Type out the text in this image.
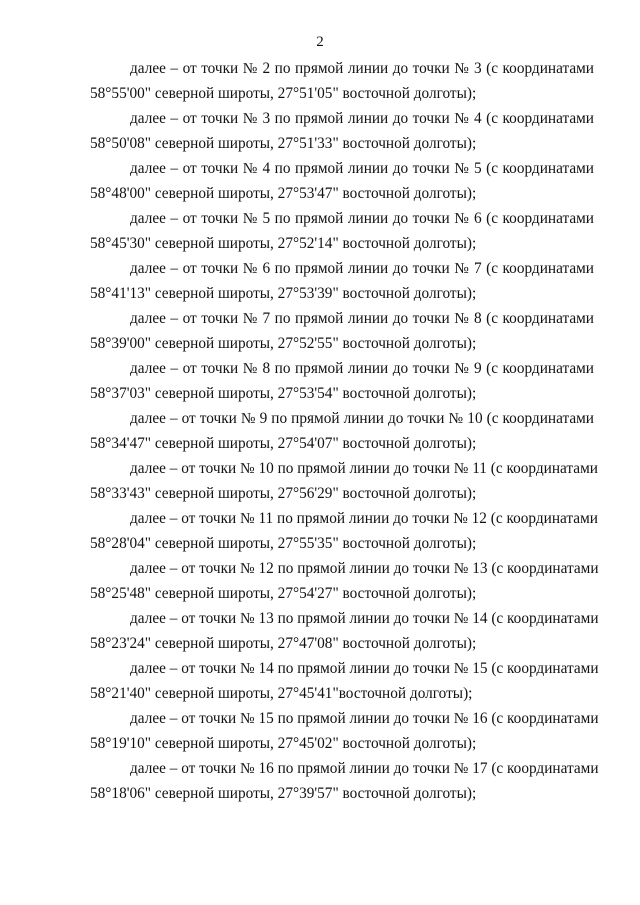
2

далее – от точки № 2 по прямой линии до точки № 3 (с координатами
58°55'00" северной широты, 27°51'05" восточной долготы);

далее – от точки № 3 по прямой линии до точки № 4 (с координатами
58°50'08" северной широты, 27°51'33" восточной долготы);

далее – от точки № 4 по прямой линии до точки № 5 (с координатами
58°48'00" северной широты, 27°53'47" восточной долготы);

далее – от точки № 5 по прямой линии до точки № 6 (с координатами
58°45'30" северной широты, 27°52'14" восточной долготы);

далее – от точки № 6 по прямой линии до точки № 7 (с координатами
58°41'13" северной широты, 27°53'39" восточной долготы);

далее – от точки № 7 по прямой линии до точки № 8 (с координатами
58°39'00" северной широты, 27°52'55" восточной долготы);

далее – от точки № 8 по прямой линии до точки № 9 (с координатами
58°37'03" северной широты, 27°53'54" восточной долготы);

далее – от точки № 9 по прямой линии до точки № 10 (с координатами
58°34'47" северной широты, 27°54'07" восточной долготы);

далее – от точки № 10 по прямой линии до точки № 11 (с координатами
58°33'43" северной широты, 27°56'29" восточной долготы);

далее – от точки № 11 по прямой линии до точки № 12 (с координатами
58°28'04" северной широты, 27°55'35" восточной долготы);

далее – от точки № 12 по прямой линии до точки № 13 (с координатами
58°25'48" северной широты, 27°54'27" восточной долготы);

далее – от точки № 13 по прямой линии до точки № 14 (с координатами
58°23'24" северной широты, 27°47'08" восточной долготы);

далее – от точки № 14 по прямой линии до точки № 15 (с координатами
58°21'40" северной широты, 27°45'41"восточной долготы);

далее – от точки № 15 по прямой линии до точки № 16 (с координатами
58°19'10" северной широты, 27°45'02" восточной долготы);

далее – от точки № 16 по прямой линии до точки № 17 (с координатами
58°18'06" северной широты, 27°39'57" восточной долготы);
